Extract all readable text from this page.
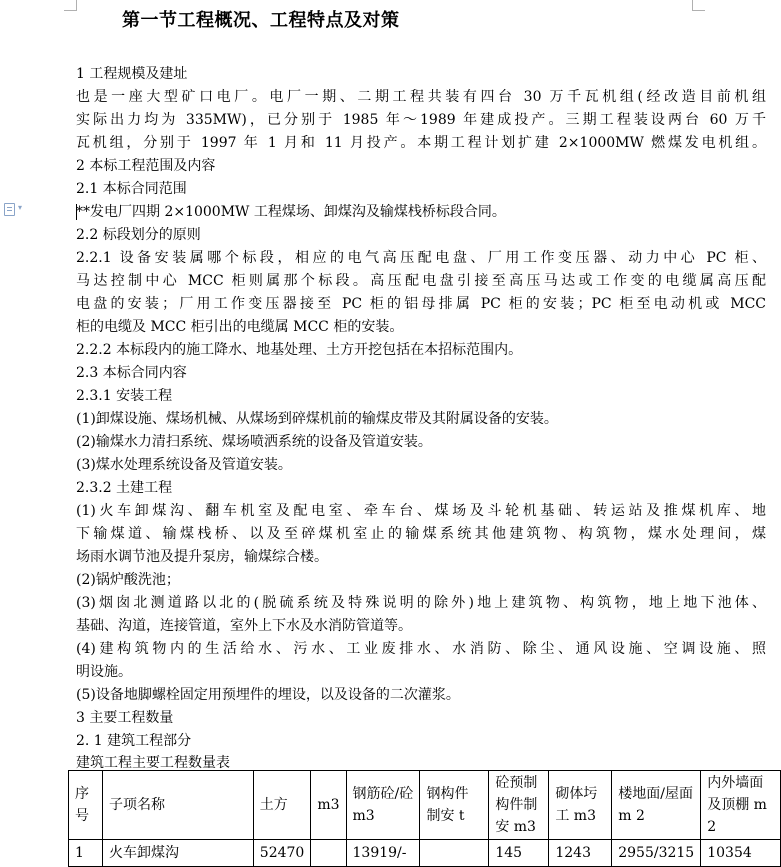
第一节工程概况、工程特点及对策
▾
1 工程规模及建址
也是一座大型矿口电厂。电厂一期、二期工程共装有四台 30 万千瓦机组(经改造目前机组
实际出力均为 335MW)，已分别于 1985 年～1989 年建成投产。三期工程装设两台 60 万千
瓦机组，分别于 1997 年 1 月和 11 月投产。本期工程计划扩建 2×1000MW 燃煤发电机组。
2 本标工程范围及内容
2.1 本标合同范围
**发电厂四期 2×1000MW 工程煤场、卸煤沟及输煤栈桥标段合同。
2.2 标段划分的原则
2.2.1 设备安装属哪个标段，相应的电气高压配电盘、厂用工作变压器、动力中心 PC 柜、
马达控制中心 MCC 柜则属那个标段。高压配电盘引接至高压马达或工作变的电缆属高压配
电盘的安装；厂用工作变压器接至 PC 柜的铝母排属 PC 柜的安装；PC 柜至电动机或 MCC
柜的电缆及 MCC 柜引出的电缆属 MCC 柜的安装。
2.2.2 本标段内的施工降水、地基处理、土方开挖包括在本招标范围内。
2.3 本标合同内容
2.3.1 安装工程
(1)卸煤设施、煤场机械、从煤场到碎煤机前的输煤皮带及其附属设备的安装。
(2)输煤水力清扫系统、煤场喷洒系统的设备及管道安装。
(3)煤水处理系统设备及管道安装。
2.3.2 土建工程
(1)火车卸煤沟、翻车机室及配电室、牵车台、煤场及斗轮机基础、转运站及推煤机库、地
下输煤道、输煤栈桥、以及至碎煤机室止的输煤系统其他建筑物、构筑物，煤水处理间，煤
场雨水调节池及提升泵房，输煤综合楼。
(2)锅炉酸洗池；
(3)烟囱北测道路以北的(脱硫系统及特殊说明的除外)地上建筑物、构筑物，地上地下池体、
基础、沟道，连接管道，室外上下水及水消防管道等。
(4)建构筑物内的生活给水、污水、工业废排水、水消防、除尘、通风设施、空调设施、照
明设施。
(5)设备地脚螺栓固定用预埋件的埋设，以及设备的二次灌浆。
3 主要工程数量
2. 1 建筑工程部分
建筑工程主要工程数量表
序号	子项名称	土方	m3	钢筋砼/砼 m3	钢构件制安 t	砼预制构件制安 m3	砌体圬工 m3	楼地面/屋面 m 2	内外墙面及顶棚 m 2
1	火车卸煤沟	52470		13919/-		145	1243	2955/3215	10354
